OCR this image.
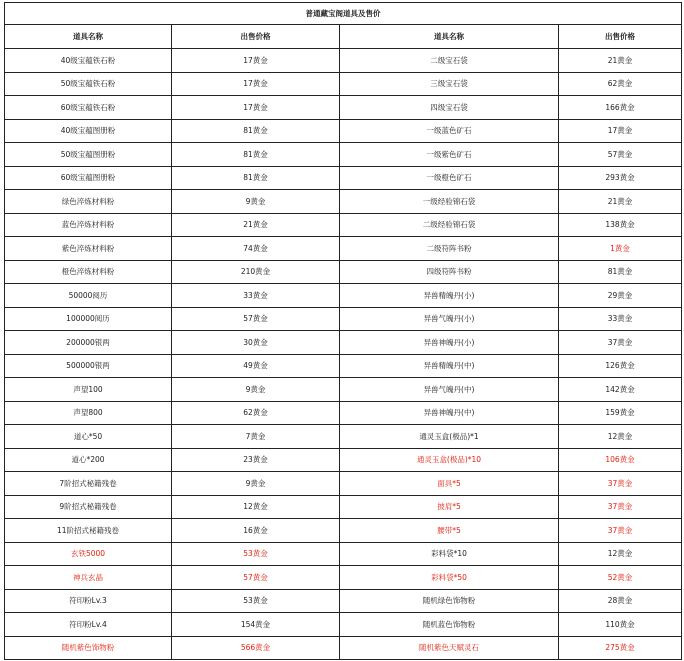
普通藏宝阁道具及售价			
道具名称	出售价格	道具名称	出售价格
40级宝蕴铁石粉	17黄金	二级宝石袋	21黄金
50级宝蕴铁石粉	17黄金	三级宝石袋	62黄金
60级宝蕴铁石粉	17黄金	四级宝石袋	166黄金
40级宝蕴图册粉	81黄金	一级蓝色矿石	17黄金
50级宝蕴图册粉	81黄金	一级紫色矿石	57黄金
60级宝蕴图册粉	81黄金	一级橙色矿石	293黄金
绿色淬炼材料粉	9黄金	一级经验锦石袋	21黄金
蓝色淬炼材料粉	21黄金	二级经验锦石袋	138黄金
紫色淬炼材料粉	74黄金	二级符阵书粉	1黄金
橙色淬炼材料粉	210黄金	四级符阵书粉	81黄金
50000阅历	33黄金	异兽精魄丹(小)	29黄金
100000阅历	57黄金	异兽气魄丹(小)	33黄金
200000银两	30黄金	异兽神魄丹(小)	37黄金
500000银两	49黄金	异兽精魄丹(中)	126黄金
声望100	9黄金	异兽气魄丹(中)	142黄金
声望800	62黄金	异兽神魄丹(中)	159黄金
道心*50	7黄金	通灵玉盒(极品)*1	12黄金
道心*200	23黄金	通灵玉盒(极品)*10	106黄金
7阶招式秘籍残卷	9黄金	面具*5	37黄金
9阶招式秘籍残卷	12黄金	披肩*5	37黄金
11阶招式秘籍残卷	16黄金	腰带*5	37黄金
玄铁5000	53黄金	彩料袋*10	12黄金
神兵玄晶	57黄金	彩料袋*50	52黄金
符印粉Lv.3	53黄金	随机绿色饰物粉	28黄金
符印粉Lv.4	154黄金	随机蓝色饰物粉	110黄金
随机紫色饰物粉	566黄金	随机紫色天赋灵石	275黄金
